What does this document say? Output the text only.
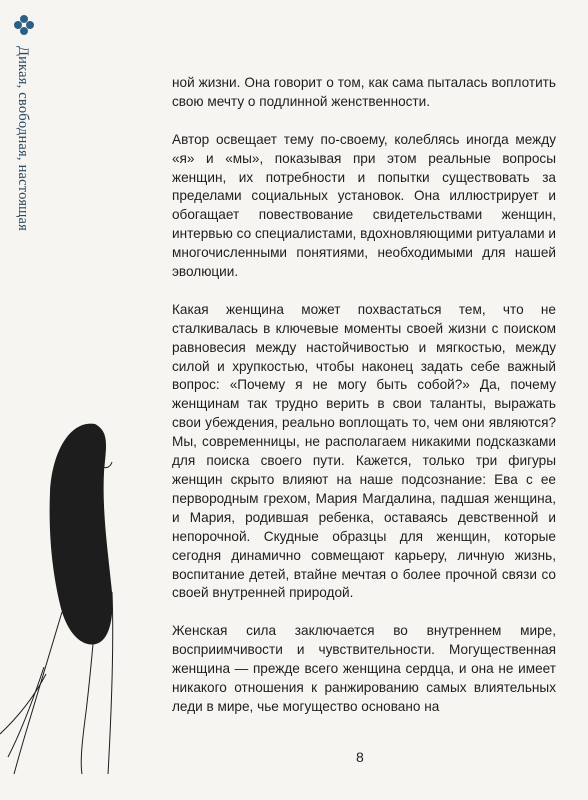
Дикая, свободная, настоящая	ной жизни. Она говорит о том, как сама пыталась воплотить свою мечту о подлинной женственности.

Автор освещает тему по-своему, колеблясь иногда между «я» и «мы», показывая при этом реальные вопросы женщин, их потребности и попытки существовать за пределами социальных установок. Она иллюстрирует и обогащает повествование свидетельствами женщин, интервью со специалистами, вдохновляющими ритуалами и многочисленными понятиями, необходимыми для нашей эволюции.

Какая женщина может похвастаться тем, что не сталкивалась в ключевые моменты своей жизни с поиском равновесия между настойчивостью и мягкостью, между силой и хрупкостью, чтобы наконец задать себе важный вопрос: «Почему я не могу быть собой?» Да, почему женщинам так трудно верить в свои таланты, выражать свои убеждения, реально воплощать то, чем они являются? Мы, современницы, не располагаем никакими подсказками для поиска своего пути. Кажется, только три фигуры женщин скрыто влияют на наше подсознание: Ева с ее первородным грехом, Мария Магдалина, падшая женщина, и Мария, родившая ребенка, оставаясь девственной и непорочной. Скудные образцы для женщин, которые сегодня динамично совмещают карьеру, личную жизнь, воспитание детей, втайне мечтая о более прочной связи со своей внутренней природой.

Женская сила заключается во внутреннем мире, восприимчивости и чувствительности. Могущественная женщина — прежде всего женщина сердца, и она не имеет никакого отношения к ранжированию самых влиятельных леди в мире, чье могущество основано на

8
